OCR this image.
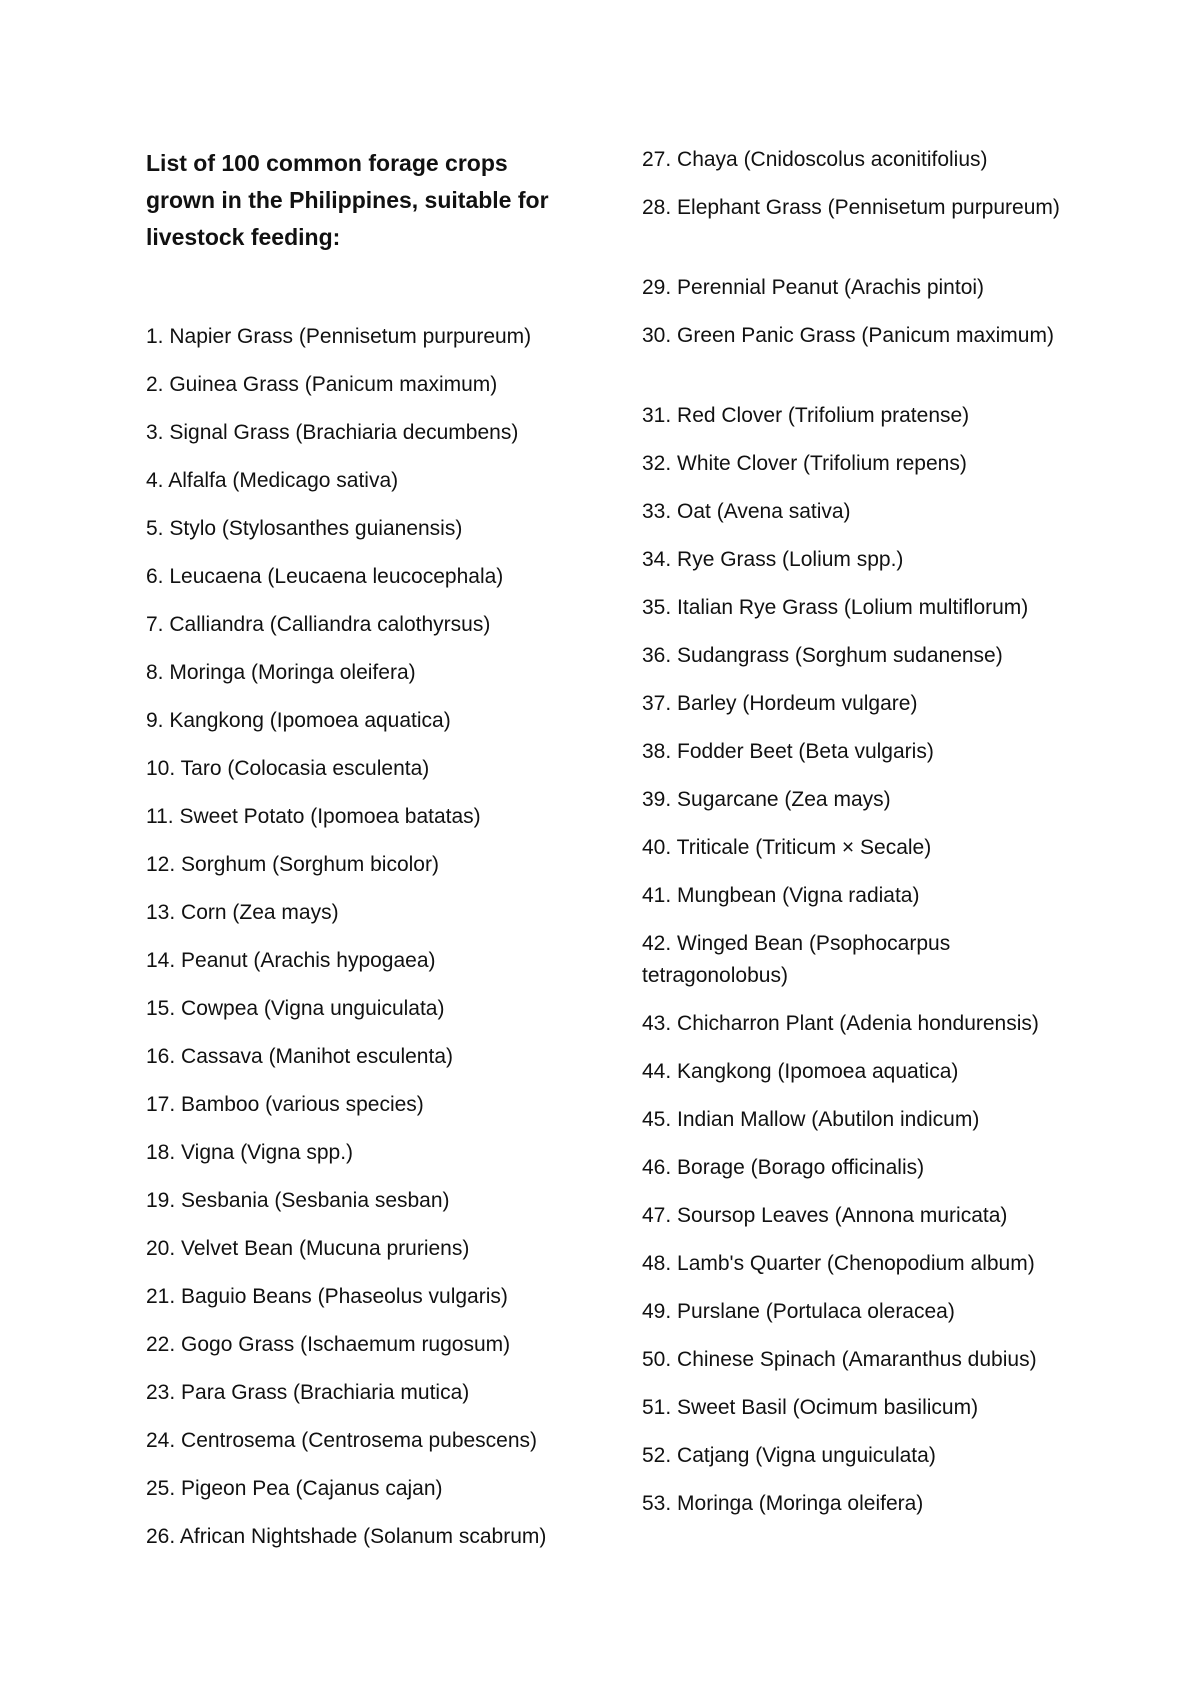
List of 100 common forage crops grown in the Philippines, suitable for livestock feeding:
1. Napier Grass (Pennisetum purpureum)
2. Guinea Grass (Panicum maximum)
3. Signal Grass (Brachiaria decumbens)
4. Alfalfa (Medicago sativa)
5. Stylo (Stylosanthes guianensis)
6. Leucaena (Leucaena leucocephala)
7. Calliandra (Calliandra calothyrsus)
8. Moringa (Moringa oleifera)
9. Kangkong (Ipomoea aquatica)
10. Taro (Colocasia esculenta)
11. Sweet Potato (Ipomoea batatas)
12. Sorghum (Sorghum bicolor)
13. Corn (Zea mays)
14. Peanut (Arachis hypogaea)
15. Cowpea (Vigna unguiculata)
16. Cassava (Manihot esculenta)
17. Bamboo (various species)
18. Vigna (Vigna spp.)
19. Sesbania (Sesbania sesban)
20. Velvet Bean (Mucuna pruriens)
21. Baguio Beans (Phaseolus vulgaris)
22. Gogo Grass (Ischaemum rugosum)
23. Para Grass (Brachiaria mutica)
24. Centrosema (Centrosema pubescens)
25. Pigeon Pea (Cajanus cajan)
26. African Nightshade (Solanum scabrum)
27. Chaya (Cnidoscolus aconitifolius)
28. Elephant Grass (Pennisetum purpureum)
29. Perennial Peanut (Arachis pintoi)
30. Green Panic Grass (Panicum maximum)
31. Red Clover (Trifolium pratense)
32. White Clover (Trifolium repens)
33. Oat (Avena sativa)
34. Rye Grass (Lolium spp.)
35. Italian Rye Grass (Lolium multiflorum)
36. Sudangrass (Sorghum sudanense)
37. Barley (Hordeum vulgare)
38. Fodder Beet (Beta vulgaris)
39. Sugarcane (Zea mays)
40. Triticale (Triticum × Secale)
41. Mungbean (Vigna radiata)
42. Winged Bean (Psophocarpus tetragonolobus)
43. Chicharron Plant (Adenia hondurensis)
44. Kangkong (Ipomoea aquatica)
45. Indian Mallow (Abutilon indicum)
46. Borage (Borago officinalis)
47. Soursop Leaves (Annona muricata)
48. Lamb's Quarter (Chenopodium album)
49. Purslane (Portulaca oleracea)
50. Chinese Spinach (Amaranthus dubius)
51. Sweet Basil (Ocimum basilicum)
52. Catjang (Vigna unguiculata)
53. Moringa (Moringa oleifera)
